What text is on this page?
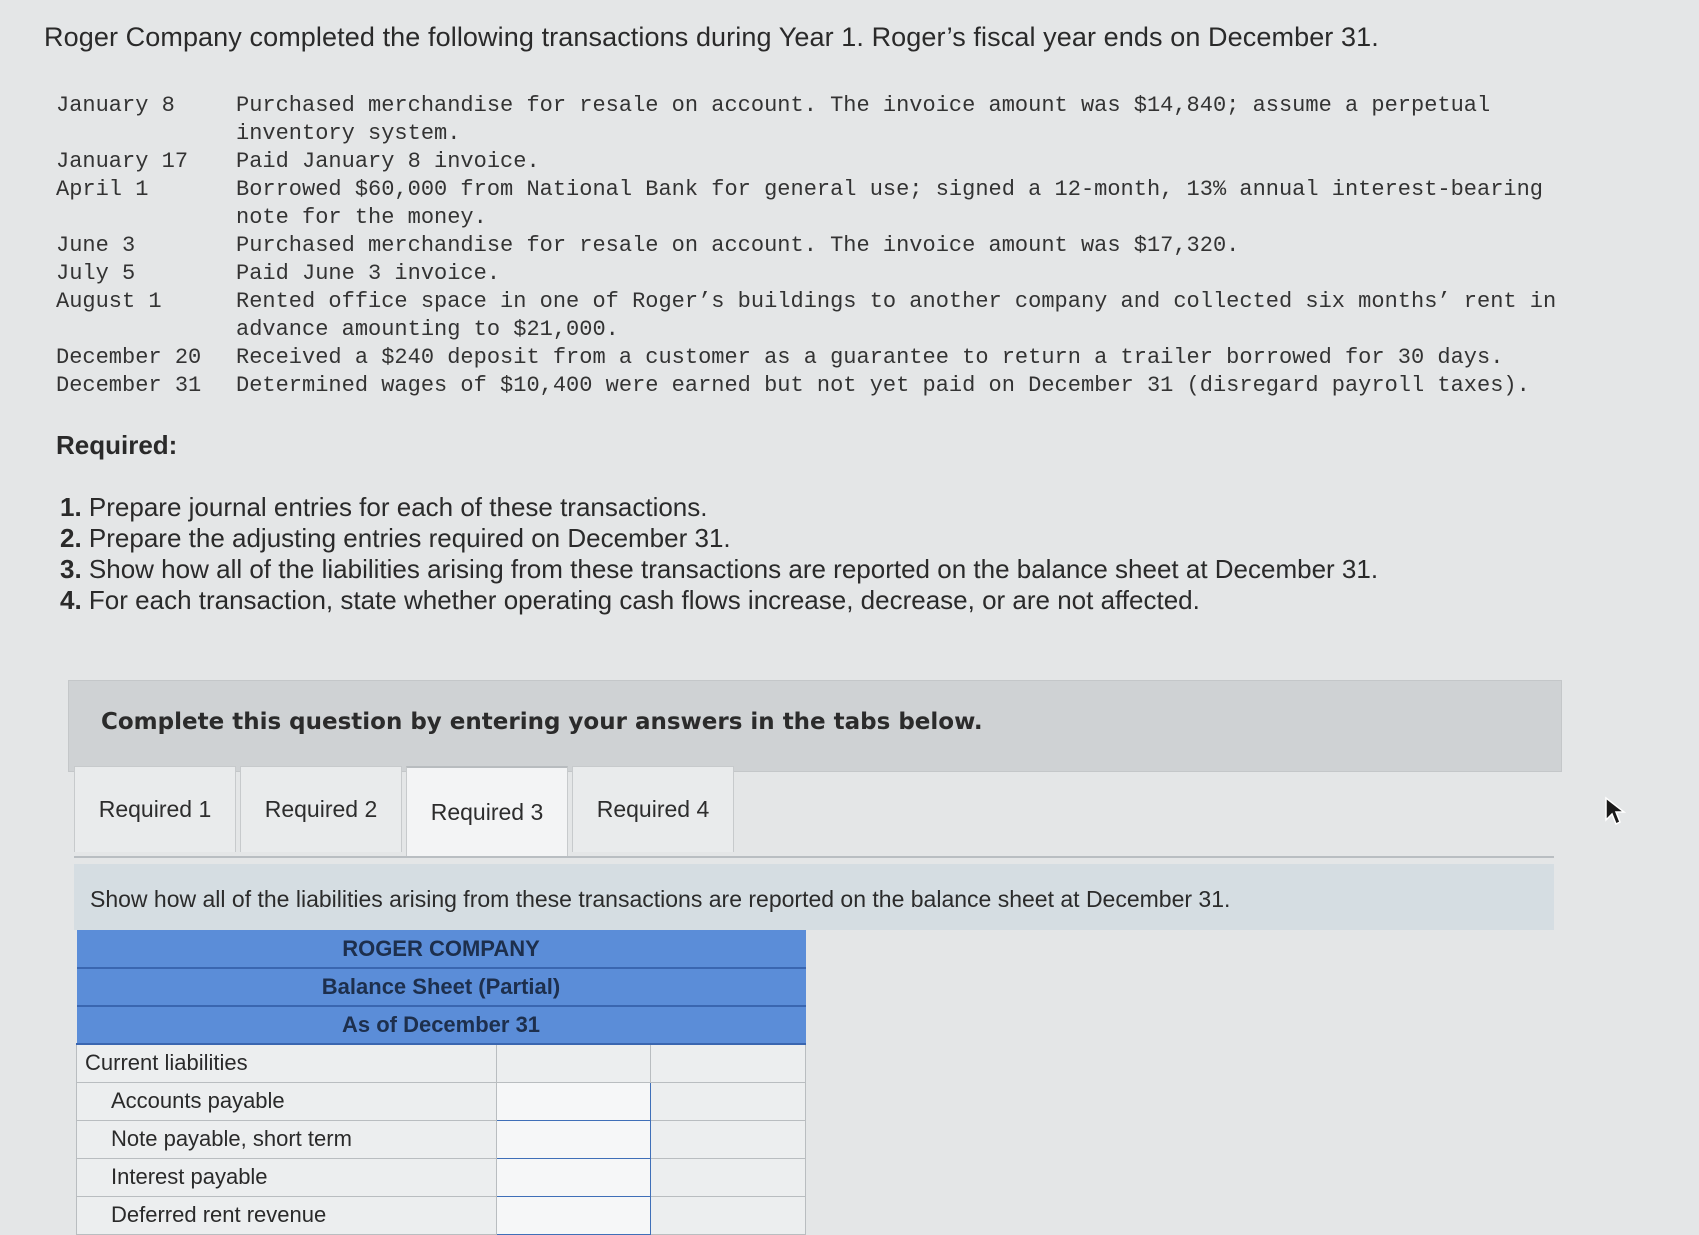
Roger Company completed the following transactions during Year 1. Roger’s fiscal year ends on December 31.
January 8	Purchased merchandise for resale on account. The invoice amount was $14,840; assume a perpetual
inventory system.
January 17	Paid January 8 invoice.
April 1	Borrowed $60,000 from National Bank for general use; signed a 12-month, 13% annual interest-bearing
note for the money.
June 3	Purchased merchandise for resale on account. The invoice amount was $17,320.
July 5	Paid June 3 invoice.
August 1	Rented office space in one of Roger’s buildings to another company and collected six months’ rent in
advance amounting to $21,000.
December 20	Received a $240 deposit from a customer as a guarantee to return a trailer borrowed for 30 days.
December 31	Determined wages of $10,400 were earned but not yet paid on December 31 (disregard payroll taxes).
Required:
1. Prepare journal entries for each of these transactions.
2. Prepare the adjusting entries required on December 31.
3. Show how all of the liabilities arising from these transactions are reported on the balance sheet at December 31.
4. For each transaction, state whether operating cash flows increase, decrease, or are not affected.
Complete this question by entering your answers in the tabs below.
Required 1	Required 2	Required 3	Required 4
Show how all of the liabilities arising from these transactions are reported on the balance sheet at December 31.
ROGER COMPANY		
Balance Sheet (Partial)		
As of December 31		
Current liabilities		
Accounts payable		
Note payable, short term		
Interest payable		
Deferred rent revenue		
